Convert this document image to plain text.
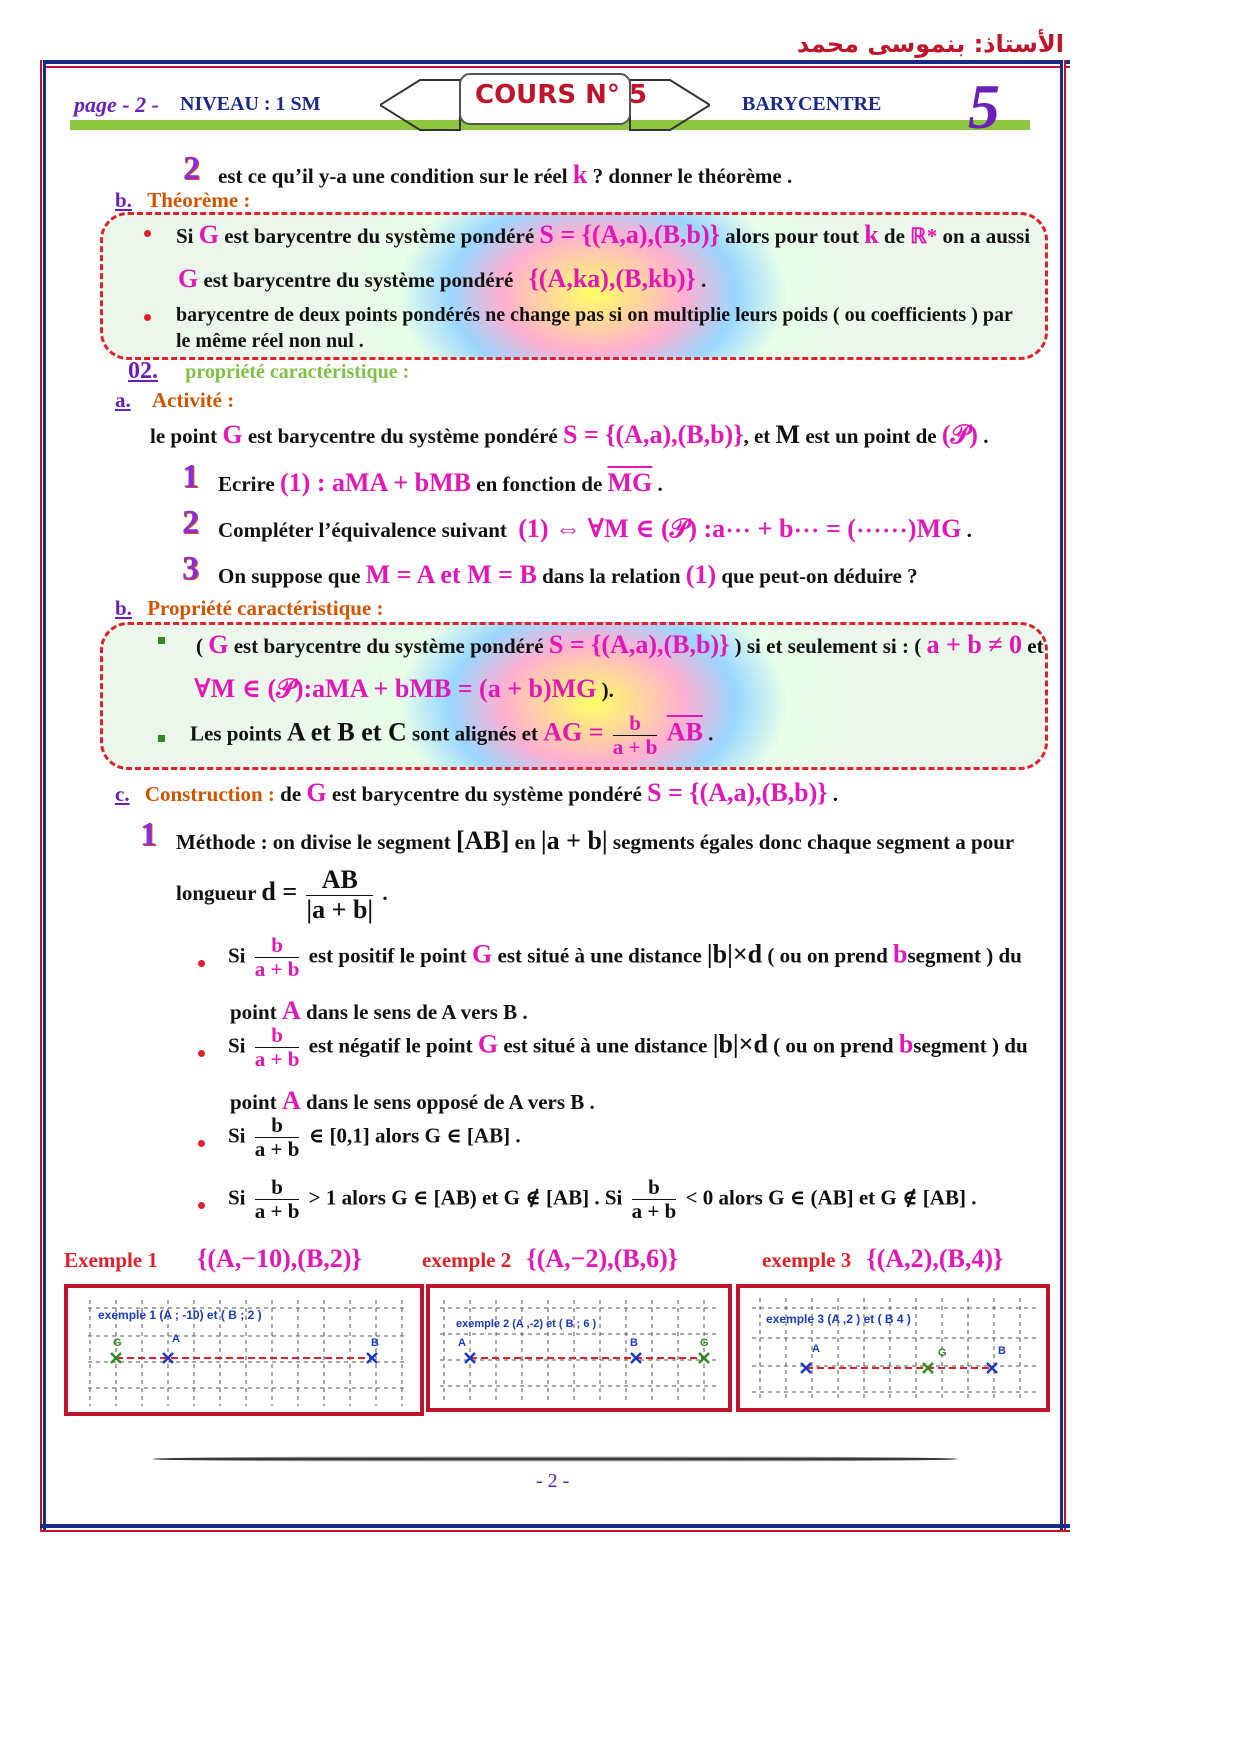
الأستاذ: بنموسى محمد
page - 2 - NIVEAU : 1 SM	COURS N° 5	BARYCENTRE 5
2 est ce qu’il y-a une condition sur le réel k ? donner le théorème .
b. Théorème :
Si G est barycentre du système pondéré S = {(A,a),(B,b)} alors pour tout k de ℝ* on a aussi
G est barycentre du système pondéré {(A,ka),(B,kb)} .
barycentre de deux points pondérés ne change pas si on multiplie leurs poids ( ou coefficients ) par
le même réel non nul .
02. propriété caractéristique :
a. Activité :
le point G est barycentre du système pondéré S = {(A,a),(B,b)}, et M est un point de (𝒫) .
1 Ecrire (1) : aMA + bMB en fonction de $\overline{MG}$ .
2 Compléter l’équivalence suivant (1) ⇔ ∀M ∈ (𝒫) :a⋯ + b⋯ = (⋯⋯)MG .
3 On suppose que M = A et M = B dans la relation (1) que peut-on déduire ?
b. Propriété caractéristique :
( G est barycentre du système pondéré S = {(A,a),(B,b)} ) si et seulement si : ( a + b ≠ 0 et
∀M ∈ (𝒫):aMA + bMB = (a + b)MG ).
Les points A et B et C sont alignés et AG = $\frac{b}{a + b} \overline{AB}$ .
c. Construction : de G est barycentre du système pondéré S = {(A,a),(B,b)} .
1 Méthode : on divise le segment [AB] en |a + b| segments égales donc chaque segment a pour
longueur $d = \frac{AB}{|a + b|}$ .
Si $\frac{b}{a + b}$ est positif le point G est situé à une distance |b|×d ( ou on prend bsegment ) du
point A dans le sens de A vers B .
Si $\frac{b}{a + b}$ est négatif le point G est situé à une distance |b|×d ( ou on prend bsegment ) du
point A dans le sens opposé de A vers B .
Si $\frac{b}{a + b}$ ∈ [0,1] alors G ∈ [AB] .
Si $\frac{b}{a + b} > 1$ alors G ∈ [AB) et G ∉ [AB] . Si $\frac{b}{a + b} < 0$ alors G ∈ (AB] et G ∉ [AB] .
Exemple 1 {(A,−10),(B,2)}	exemple 2 {(A,−2),(B,6)}	exemple 3 {(A,2),(B,4)}
G	A	B
exemple 1 (A ; -10) et ( B ; 2 )
A	B	G
exemple 2 (A ,-2) et ( B ; 6 )
A	G	B
exemple 3 (A ,2 ) et ( B 4 )
- 2 -
